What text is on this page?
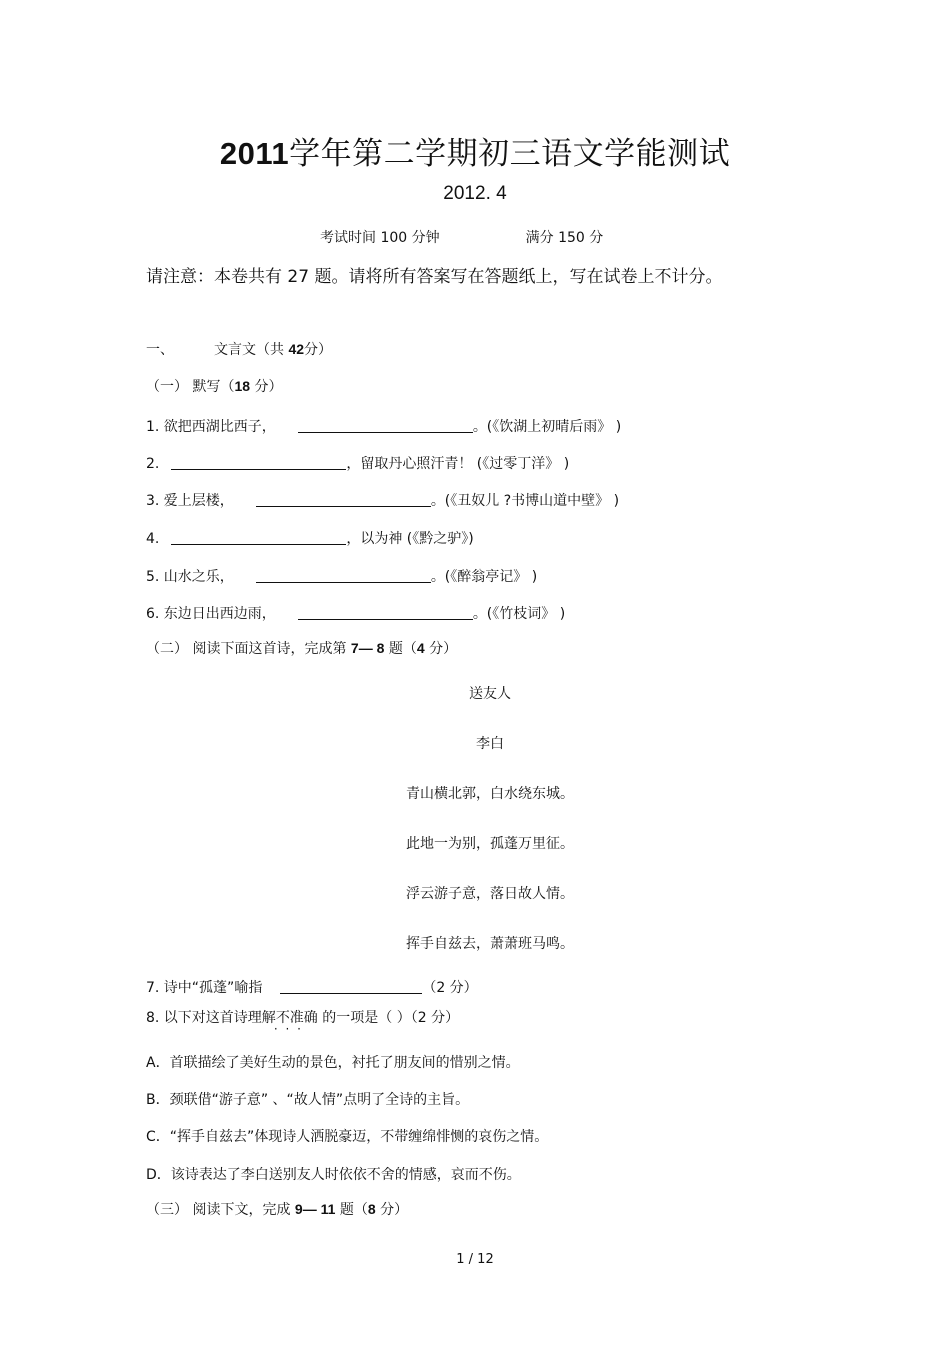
2011学年第二学期初三语文学能测试
2012. 4
考试时间 100 分钟	满分 150 分
请注意：本卷共有 27 题。请将所有答案写在答题纸上，写在试卷上不计分。
一、	文言文（共 42分）
（一） 默写（18 分）
1. 欲把西湖比西子，	。(《饮湖上初晴后雨》 )
2.	，留取丹心照汗青！ (《过零丁洋》 )
3. 爱上层楼，	。(《丑奴儿 ?书博山道中壁》 )
4.	，以为神 (《黔之驴》)
5. 山水之乐，	。(《醉翁亭记》 )
6. 东边日出西边雨，	。(《竹枝词》 )
（二） 阅读下面这首诗，完成第 7— 8 题（4 分）
送友人
李白
青山横北郭，白水绕东城。
此地一为别，孤蓬万里征。
浮云游子意，落日故人情。
挥手自兹去，萧萧班马鸣。
7. 诗中“孤蓬”喻指	（2 分）
8. 以下对这首诗理解不准确 · · · 的一项是（ ）（2 分）
A．首联描绘了美好生动的景色，衬托了朋友间的惜别之情。
B．颈联借“游子意” 、“故人情”点明了全诗的主旨。
C．“挥手自兹去”体现诗人洒脱豪迈，不带缠绵悱恻的哀伤之情。
D．该诗表达了李白送别友人时依依不舍的情感，哀而不伤。
（三） 阅读下文，完成 9— 11 题（8 分）
1 / 12
